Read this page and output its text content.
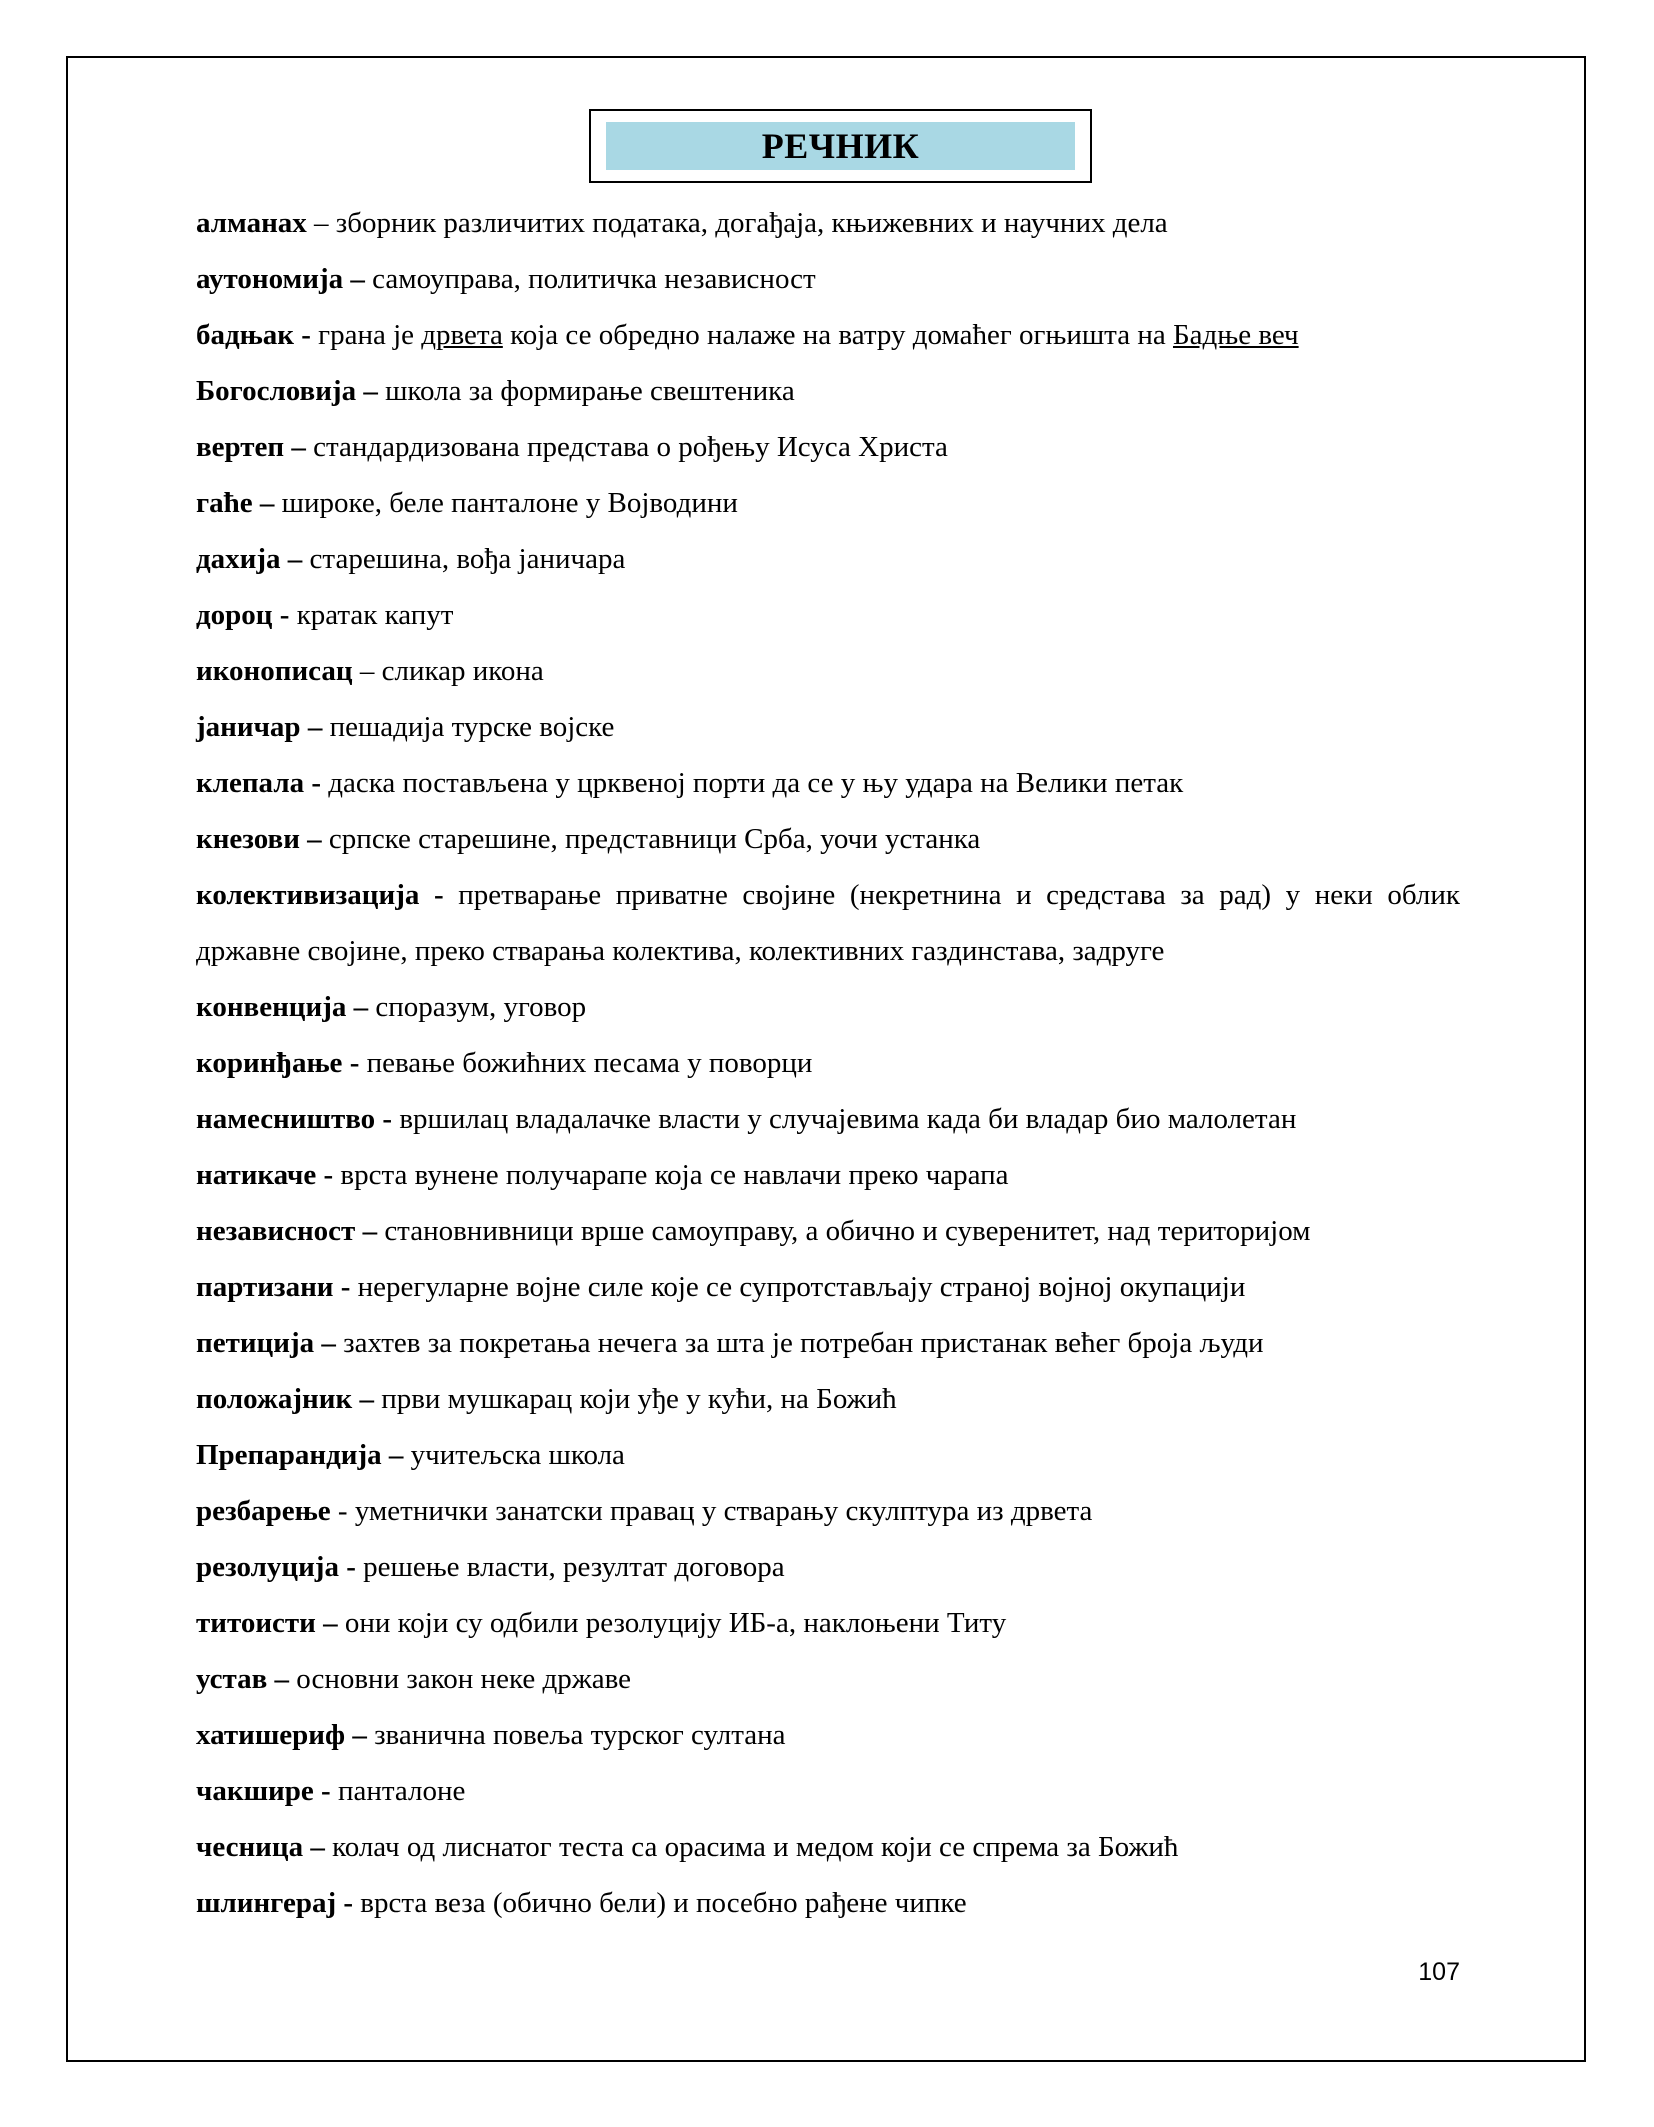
РЕЧНИК
алманах – зборник различитих података, догађаја, књижевних и научних дела
аутономија – самоуправа, политичка независност
бадњак - грана је дрвета која се обредно налаже на ватру домаћег огњишта на Бадње веч
Богословија – школа за формирање свештеника
вертеп – стандардизована представа о рођењу Исуса Христа
гаће – широке, беле панталоне у Војводини
дахија – старешина, вођа јаничара
дороц - кратак капут
иконописац – сликар икона
јаничар – пешадија турске војске
клепала - даска постављена у црквеној порти да се у њу удара на Велики петак
кнезови – српске старешине, представници Срба, уочи устанка
колективизација - претварање приватне својине (некретнина и средстава за рад) у неки облик државне својине, преко стварања колектива, колективних газдинстава, задруге
конвенција – споразум, уговор
коринђање - певање божићних песама у поворци
намесништво - вршилац владалачке власти у случајевима када би владар био малолетан
натикаче - врста вунене получарапе која се навлачи преко чарапа
независност – становнивници врше самоуправу, а обично и суверенитет, над територијом
партизани - нерегуларне војне силе које се супротстављају страној војној окупацији
петиција – захтев за покретања нечега за шта је потребан пристанак већег броја људи
положајник – први мушкарац који уђе у кући, на Божић
Препарандија – учитељска школа
резбарење - уметнички занатски правац у стварању скулптура из дрвета
резолуција - решење власти, резултат договора
титоисти – они који су одбили резолуцију ИБ-а, наклоњени Титу
устав – основни закон неке државе
хатишериф – званична повеља турског султана
чакшире - панталоне
чесница – колач од лиснатог теста са орасима и медом који се спрема за Божић
шлингерај - врста веза (обично бели) и посебно рађене чипке
107
